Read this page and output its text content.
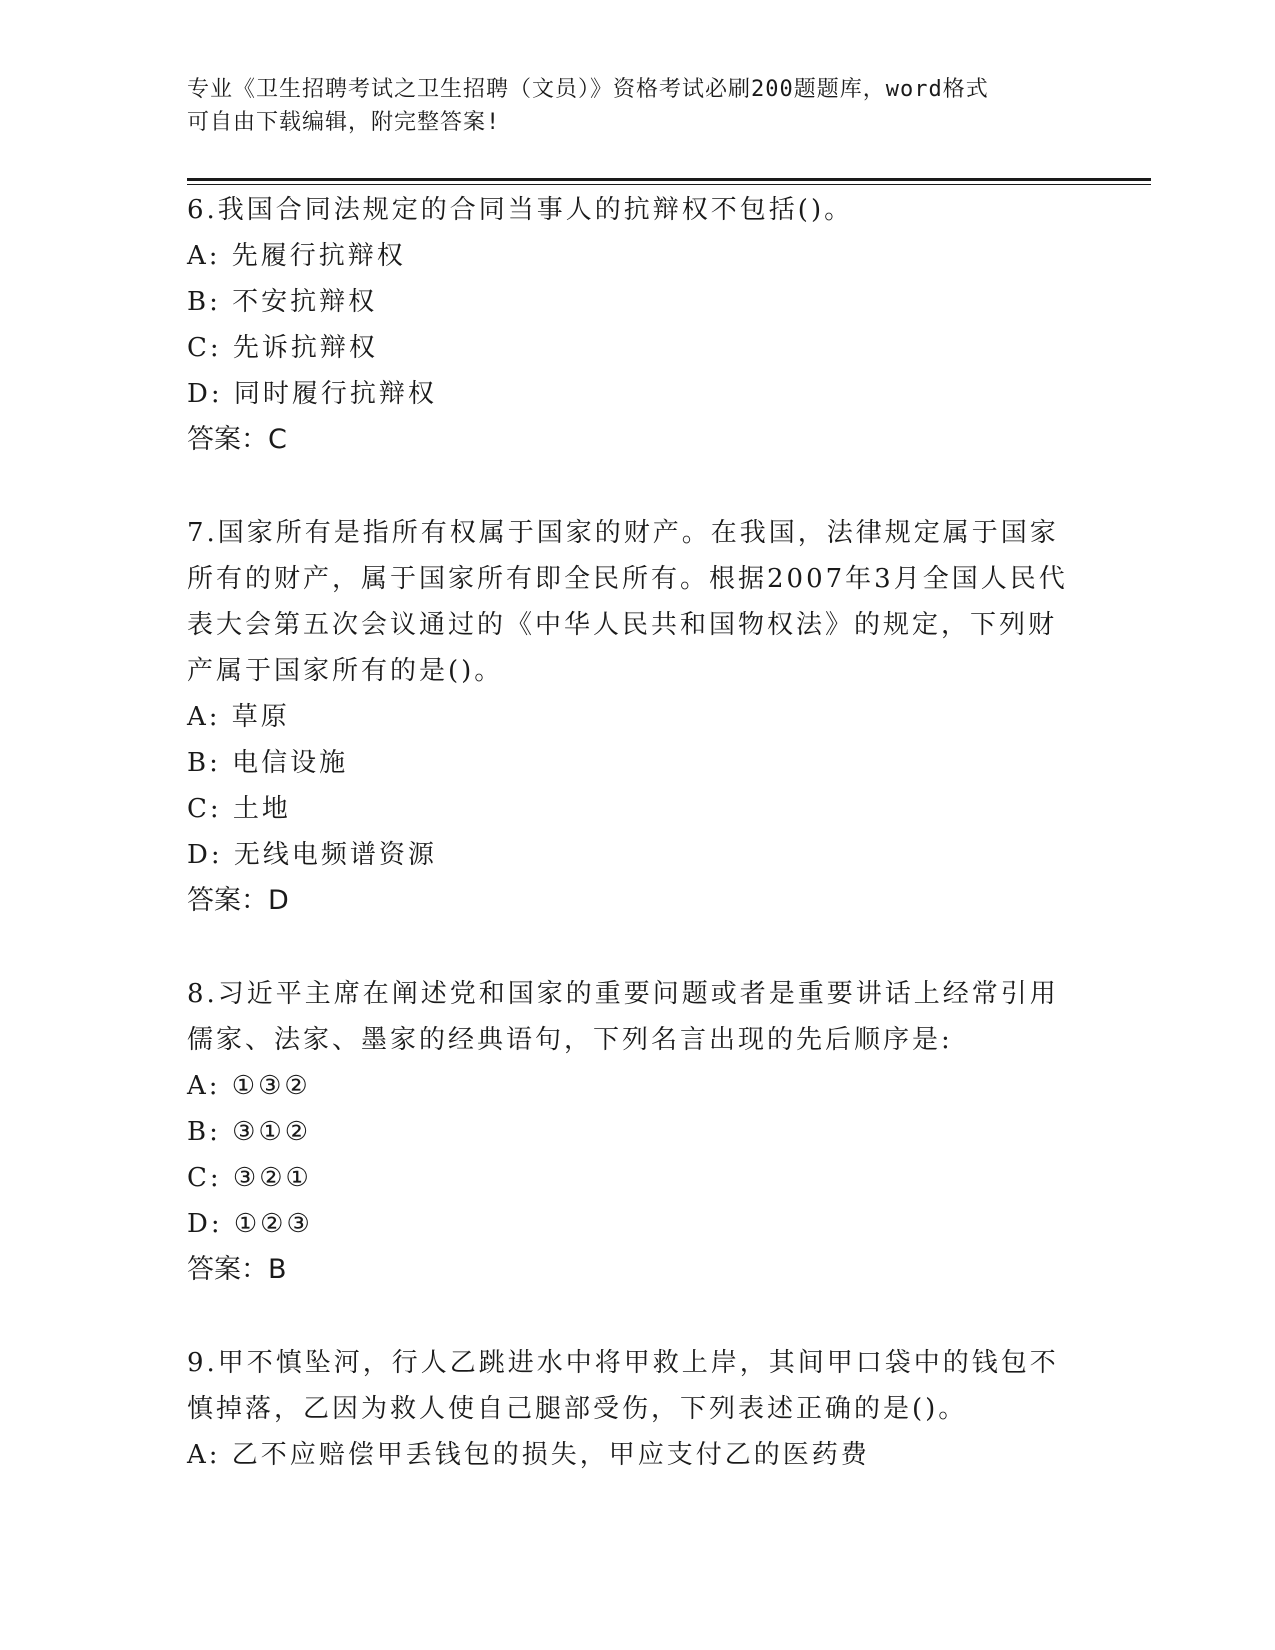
专业《卫生招聘考试之卫生招聘（文员）》资格考试必刷200题题库，word格式
可自由下载编辑，附完整答案!
6.我国合同法规定的合同当事人的抗辩权不包括()。
A: 先履行抗辩权
B: 不安抗辩权
C: 先诉抗辩权
D: 同时履行抗辩权
答案：C
7.国家所有是指所有权属于国家的财产。在我国，法律规定属于国家
所有的财产，属于国家所有即全民所有。根据2007年3月全国人民代
表大会第五次会议通过的《中华人民共和国物权法》的规定，下列财
产属于国家所有的是()。
A: 草原
B: 电信设施
C: 土地
D: 无线电频谱资源
答案：D
8.习近平主席在阐述党和国家的重要问题或者是重要讲话上经常引用
儒家、法家、墨家的经典语句，下列名言出现的先后顺序是:
A: ①③②
B: ③①②
C: ③②①
D: ①②③
答案：B
9.甲不慎坠河，行人乙跳进水中将甲救上岸，其间甲口袋中的钱包不
慎掉落，乙因为救人使自己腿部受伤，下列表述正确的是()。
A: 乙不应赔偿甲丢钱包的损失，甲应支付乙的医药费
